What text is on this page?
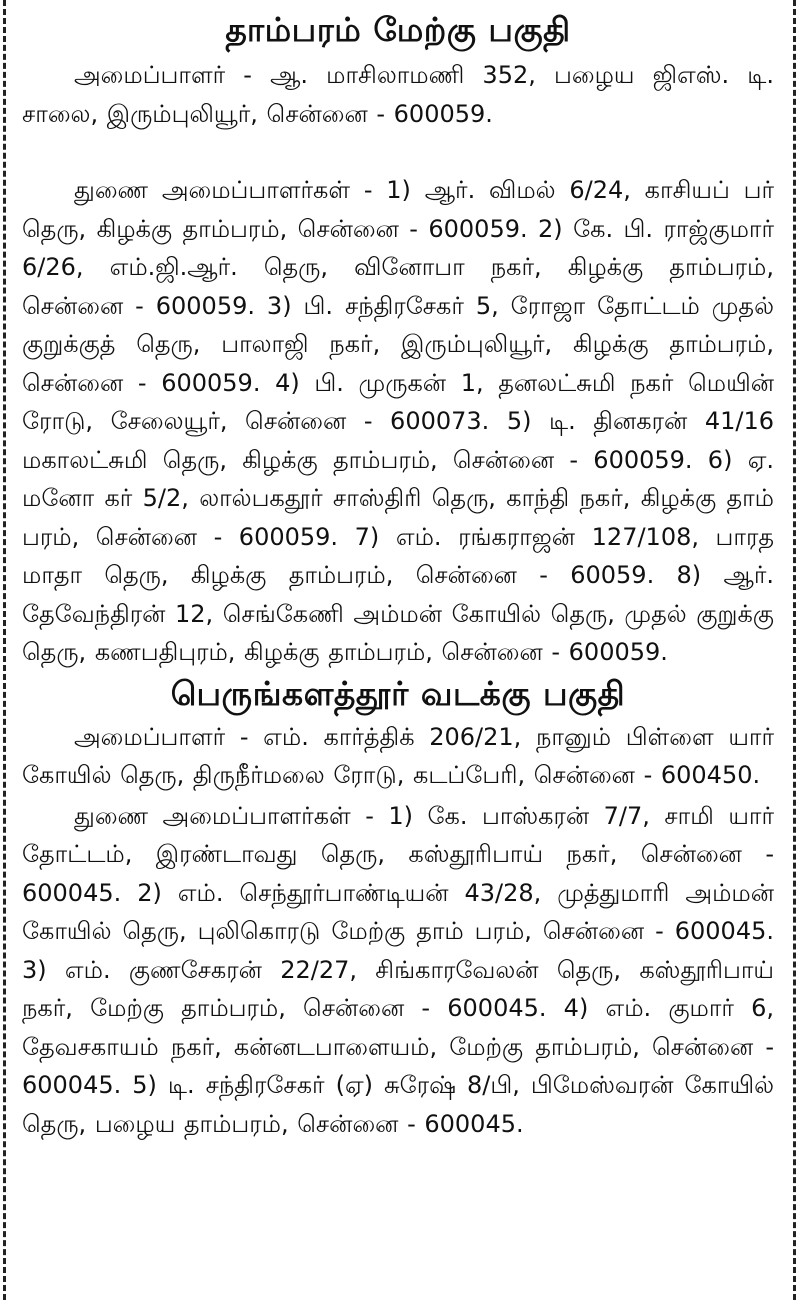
தாம்பரம் மேற்கு பகுதி

அமைப்பாளர் - ஆ. மாசிலாமணி 352, பழைய ஜிஎஸ். டி. சாலை, இரும்புலியூர், சென்னை - 600059.

துணை அமைப்பாளர்கள் - 1) ஆர். விமல் 6/24, காசியப் பர் தெரு, கிழக்கு தாம்பரம், சென்னை - 600059. 2) கே. பி. ராஜ்குமார் 6/26, எம்.ஜி.ஆர். தெரு, வினோபா நகர், கிழக்கு தாம்பரம், சென்னை - 600059. 3) பி. சந்திரசேகர் 5, ரோஜா தோட்டம் முதல் குறுக்குத் தெரு, பாலாஜி நகர், இரும்புலியூர், கிழக்கு தாம்பரம், சென்னை - 600059. 4) பி. முருகன் 1, தனலட்சுமி நகர் மெயின் ரோடு, சேலையூர், சென்னை - 600073. 5) டி. தினகரன் 41/16 மகாலட்சுமி தெரு, கிழக்கு தாம்பரம், சென்னை - 600059. 6) ஏ. மனோ கர் 5/2, லால்பகதூர் சாஸ்திரி தெரு, காந்தி நகர், கிழக்கு தாம் பரம், சென்னை - 600059. 7) எம். ரங்கராஜன் 127/108, பாரத மாதா தெரு, கிழக்கு தாம்பரம், சென்னை - 60059. 8) ஆர். தேவேந்திரன் 12, செங்கேணி அம்மன் கோயில் தெரு, முதல் குறுக்கு தெரு, கணபதிபுரம், கிழக்கு தாம்பரம், சென்னை - 600059.

பெருங்களத்தூர் வடக்கு பகுதி

அமைப்பாளர் - எம். கார்த்திக் 206/21, நானும் பிள்ளை யார் கோயில் தெரு, திருநீர்மலை ரோடு, கடப்பேரி, சென்னை - 600450.

துணை அமைப்பாளர்கள் - 1) கே. பாஸ்கரன் 7/7, சாமி யார் தோட்டம், இரண்டாவது தெரு, கஸ்தூரிபாய் நகர், சென்னை - 600045. 2) எம். செந்தூர்பாண்டியன் 43/28, முத்துமாரி அம்மன் கோயில் தெரு, புலிகொரடு மேற்கு தாம் பரம், சென்னை - 600045. 3) எம். குணசேகரன் 22/27, சிங்காரவேலன் தெரு, கஸ்தூரிபாய் நகர், மேற்கு தாம்பரம், சென்னை - 600045. 4) எம். குமார் 6, தேவசகாயம் நகர், கன்னடபாளையம், மேற்கு தாம்பரம், சென்னை - 600045. 5) டி. சந்திரசேகர் (ஏ) சுரேஷ் 8/பி, பிமேஸ்வரன் கோயில் தெரு, பழைய தாம்பரம், சென்னை - 600045.
